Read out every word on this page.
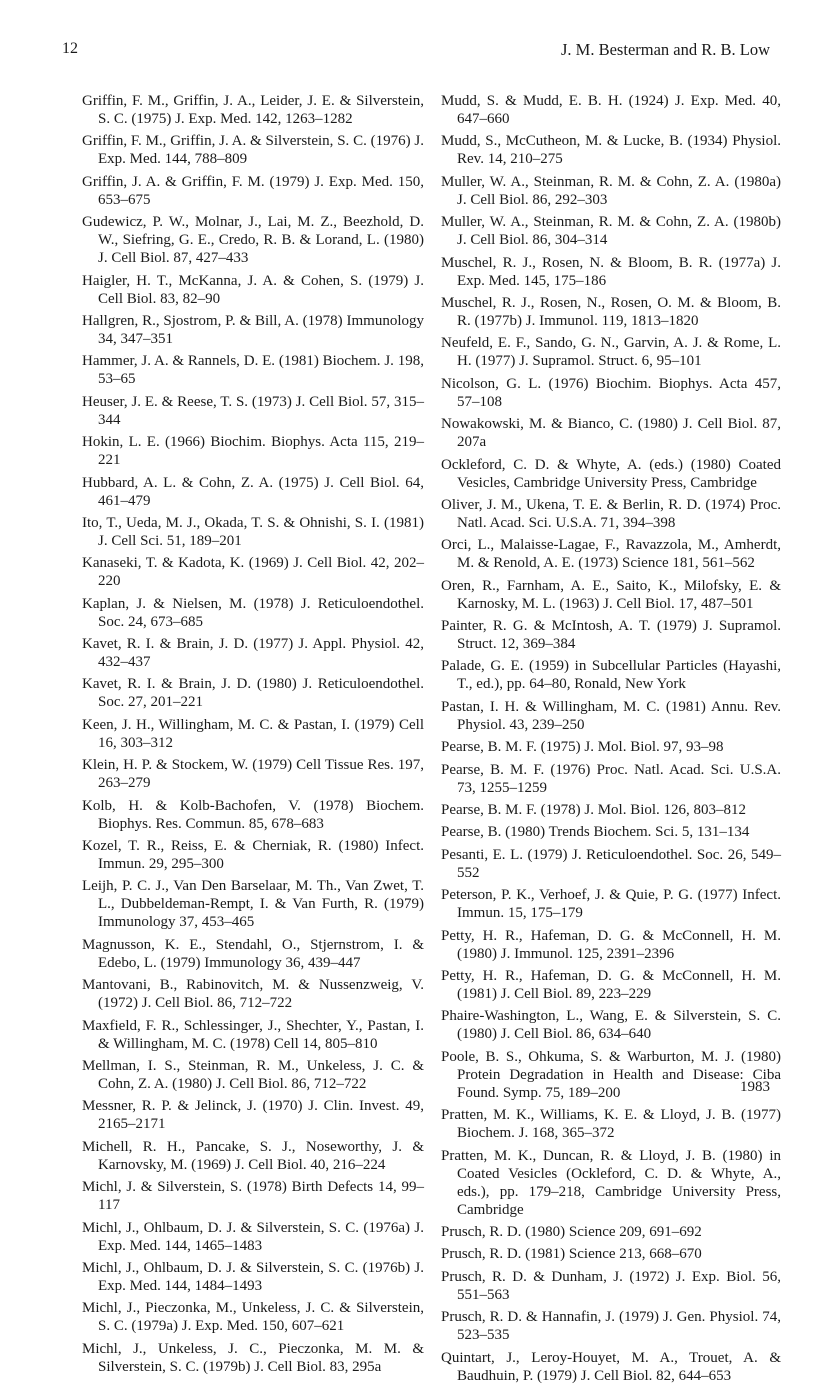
12	J. M. Besterman and R. B. Low

Griffin, F. M., Griffin, J. A., Leider, J. E. & Silverstein, S. C. (1975) J. Exp. Med. 142, 1263–1282

Griffin, F. M., Griffin, J. A. & Silverstein, S. C. (1976) J. Exp. Med. 144, 788–809

Griffin, J. A. & Griffin, F. M. (1979) J. Exp. Med. 150, 653–675

Gudewicz, P. W., Molnar, J., Lai, M. Z., Beezhold, D. W., Siefring, G. E., Credo, R. B. & Lorand, L. (1980) J. Cell Biol. 87, 427–433

Haigler, H. T., McKanna, J. A. & Cohen, S. (1979) J. Cell Biol. 83, 82–90

Hallgren, R., Sjostrom, P. & Bill, A. (1978) Immunology 34, 347–351

Hammer, J. A. & Rannels, D. E. (1981) Biochem. J. 198, 53–65

Heuser, J. E. & Reese, T. S. (1973) J. Cell Biol. 57, 315–344

Hokin, L. E. (1966) Biochim. Biophys. Acta 115, 219–221

Hubbard, A. L. & Cohn, Z. A. (1975) J. Cell Biol. 64, 461–479

Ito, T., Ueda, M. J., Okada, T. S. & Ohnishi, S. I. (1981) J. Cell Sci. 51, 189–201

Kanaseki, T. & Kadota, K. (1969) J. Cell Biol. 42, 202–220

Kaplan, J. & Nielsen, M. (1978) J. Reticuloendothel. Soc. 24, 673–685

Kavet, R. I. & Brain, J. D. (1977) J. Appl. Physiol. 42, 432–437

Kavet, R. I. & Brain, J. D. (1980) J. Reticuloendothel. Soc. 27, 201–221

Keen, J. H., Willingham, M. C. & Pastan, I. (1979) Cell 16, 303–312

Klein, H. P. & Stockem, W. (1979) Cell Tissue Res. 197, 263–279

Kolb, H. & Kolb-Bachofen, V. (1978) Biochem. Biophys. Res. Commun. 85, 678–683

Kozel, T. R., Reiss, E. & Cherniak, R. (1980) Infect. Immun. 29, 295–300

Leijh, P. C. J., Van Den Barselaar, M. Th., Van Zwet, T. L., Dubbeldeman-Rempt, I. & Van Furth, R. (1979) Immunology 37, 453–465

Magnusson, K. E., Stendahl, O., Stjernstrom, I. & Edebo, L. (1979) Immunology 36, 439–447

Mantovani, B., Rabinovitch, M. & Nussenzweig, V. (1972) J. Cell Biol. 86, 712–722

Maxfield, F. R., Schlessinger, J., Shechter, Y., Pastan, I. & Willingham, M. C. (1978) Cell 14, 805–810

Mellman, I. S., Steinman, R. M., Unkeless, J. C. & Cohn, Z. A. (1980) J. Cell Biol. 86, 712–722

Messner, R. P. & Jelinck, J. (1970) J. Clin. Invest. 49, 2165–2171

Michell, R. H., Pancake, S. J., Noseworthy, J. & Karnovsky, M. (1969) J. Cell Biol. 40, 216–224

Michl, J. & Silverstein, S. (1978) Birth Defects 14, 99–117

Michl, J., Ohlbaum, D. J. & Silverstein, S. C. (1976a) J. Exp. Med. 144, 1465–1483

Michl, J., Ohlbaum, D. J. & Silverstein, S. C. (1976b) J. Exp. Med. 144, 1484–1493

Michl, J., Pieczonka, M., Unkeless, J. C. & Silverstein, S. C. (1979a) J. Exp. Med. 150, 607–621

Michl, J., Unkeless, J. C., Pieczonka, M. M. & Silverstein, S. C. (1979b) J. Cell Biol. 83, 295a

Mudd, S. & Mudd, E. B. H. (1924) J. Exp. Med. 40, 647–660

Mudd, S., McCutheon, M. & Lucke, B. (1934) Physiol. Rev. 14, 210–275

Muller, W. A., Steinman, R. M. & Cohn, Z. A. (1980a) J. Cell Biol. 86, 292–303

Muller, W. A., Steinman, R. M. & Cohn, Z. A. (1980b) J. Cell Biol. 86, 304–314

Muschel, R. J., Rosen, N. & Bloom, B. R. (1977a) J. Exp. Med. 145, 175–186

Muschel, R. J., Rosen, N., Rosen, O. M. & Bloom, B. R. (1977b) J. Immunol. 119, 1813–1820

Neufeld, E. F., Sando, G. N., Garvin, A. J. & Rome, L. H. (1977) J. Supramol. Struct. 6, 95–101

Nicolson, G. L. (1976) Biochim. Biophys. Acta 457, 57–108

Nowakowski, M. & Bianco, C. (1980) J. Cell Biol. 87, 207a

Ockleford, C. D. & Whyte, A. (eds.) (1980) Coated Vesicles, Cambridge University Press, Cambridge

Oliver, J. M., Ukena, T. E. & Berlin, R. D. (1974) Proc. Natl. Acad. Sci. U.S.A. 71, 394–398

Orci, L., Malaisse-Lagae, F., Ravazzola, M., Amherdt, M. & Renold, A. E. (1973) Science 181, 561–562

Oren, R., Farnham, A. E., Saito, K., Milofsky, E. & Karnosky, M. L. (1963) J. Cell Biol. 17, 487–501

Painter, R. G. & McIntosh, A. T. (1979) J. Supramol. Struct. 12, 369–384

Palade, G. E. (1959) in Subcellular Particles (Hayashi, T., ed.), pp. 64–80, Ronald, New York

Pastan, I. H. & Willingham, M. C. (1981) Annu. Rev. Physiol. 43, 239–250

Pearse, B. M. F. (1975) J. Mol. Biol. 97, 93–98

Pearse, B. M. F. (1976) Proc. Natl. Acad. Sci. U.S.A. 73, 1255–1259

Pearse, B. M. F. (1978) J. Mol. Biol. 126, 803–812

Pearse, B. (1980) Trends Biochem. Sci. 5, 131–134

Pesanti, E. L. (1979) J. Reticuloendothel. Soc. 26, 549–552

Peterson, P. K., Verhoef, J. & Quie, P. G. (1977) Infect. Immun. 15, 175–179

Petty, H. R., Hafeman, D. G. & McConnell, H. M. (1980) J. Immunol. 125, 2391–2396

Petty, H. R., Hafeman, D. G. & McConnell, H. M. (1981) J. Cell Biol. 89, 223–229

Phaire-Washington, L., Wang, E. & Silverstein, S. C. (1980) J. Cell Biol. 86, 634–640

Poole, B. S., Ohkuma, S. & Warburton, M. J. (1980) Protein Degradation in Health and Disease: Ciba Found. Symp. 75, 189–200

Pratten, M. K., Williams, K. E. & Lloyd, J. B. (1977) Biochem. J. 168, 365–372

Pratten, M. K., Duncan, R. & Lloyd, J. B. (1980) in Coated Vesicles (Ockleford, C. D. & Whyte, A., eds.), pp. 179–218, Cambridge University Press, Cambridge

Prusch, R. D. (1980) Science 209, 691–692

Prusch, R. D. (1981) Science 213, 668–670

Prusch, R. D. & Dunham, J. (1972) J. Exp. Biol. 56, 551–563

Prusch, R. D. & Hannafin, J. (1979) J. Gen. Physiol. 74, 523–535

Quintart, J., Leroy-Houyet, M. A., Trouet, A. & Baudhuin, P. (1979) J. Cell Biol. 82, 644–653

1983
